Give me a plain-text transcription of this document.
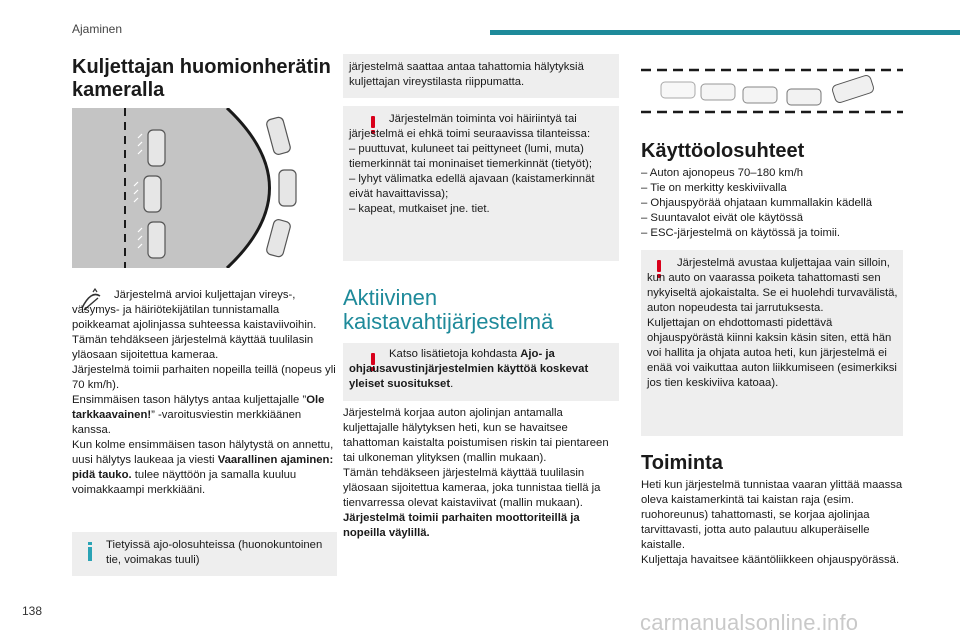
Ajaminen
Kuljettajan huomionherätin kameralla

Järjestelmä arvioi kuljettajan vireys-, väsymys- ja häiriötekijätilan tunnistamalla poikkeamat ajolinjassa suhteessa kaistaviivoihin.
Tämän tehdäkseen järjestelmä käyttää tuulilasin yläosaan sijoitettua kameraa.
Järjestelmä toimii parhaiten nopeilla teillä (nopeus yli 70 km/h).
Ensimmäisen tason hälytys antaa kuljettajalle ”Ole tarkkaavainen!” -varoitusviestin merkkiäänen kanssa.
Kun kolme ensimmäisen tason hälytystä on annettu, uusi hälytys laukeaa ja viesti Vaarallinen ajaminen: pidä tauko. tulee näyttöön ja samalla kuuluu voimakkaampi merkkiääni.

Tietyissä ajo-olosuhteissa (huonokuntoinen tie, voimakas tuuli)

järjestelmä saattaa antaa tahattomia hälytyksiä kuljettajan vireystilasta riippumatta.

Järjestelmän toiminta voi häiriintyä tai järjestelmä ei ehkä toimi seuraavissa tilanteissa:
– puuttuvat, kuluneet tai peittyneet (lumi, muta) tiemerkinnät tai moninaiset tiemerkinnät (tietyöt);
– lyhyt välimatka edellä ajavaan (kaistamerkinnät eivät havaittavissa);
– kapeat, mutkaiset jne. tiet.

Aktiivinen kaistavahtijärjestelmä

Katso lisätietoja kohdasta Ajo- ja ohjausavustinjärjestelmien käyttöä koskevat yleiset suositukset.

Järjestelmä korjaa auton ajolinjan antamalla kuljettajalle hälytyksen heti, kun se havaitsee tahattoman kaistalta poistumisen riskin tai pientareen tai ulkoneman ylityksen (mallin mukaan).
Tämän tehdäkseen järjestelmä käyttää tuulilasin yläosaan sijoitettua kameraa, joka tunnistaa tiellä ja tienvarressa olevat kaistaviivat (mallin mukaan).

Järjestelmä toimii parhaiten moottoriteillä ja nopeilla väylillä.

Käyttöolosuhteet

– Auton ajonopeus 70–180 km/h

– Tie on merkitty keskiviivalla

– Ohjauspyörää ohjataan kummallakin kädellä

– Suuntavalot eivät ole käytössä

– ESC-järjestelmä on käytössä ja toimii.

Järjestelmä avustaa kuljettajaa vain silloin, kun auto on vaarassa poiketa tahattomasti sen nykyiseltä ajokaistalta. Se ei huolehdi turvavälistä, auton nopeudesta tai jarrutuksesta.
Kuljettajan on ehdottomasti pidettävä ohjauspyörästä kiinni kaksin käsin siten, että hän voi hallita ja ohjata autoa heti, kun järjestelmä ei enää voi vaikuttaa auton liikkumiseen (esimerkiksi jos tien keskiviiva katoaa).

Toiminta

Heti kun järjestelmä tunnistaa vaaran ylittää maassa oleva kaistamerkintä tai kaistan raja (esim. ruohoreunus) tahattomasti, se korjaa ajolinjaa tarvittavasti, jotta auto palautuu alkuperäiselle kaistalle.
Kuljettaja havaitsee kääntöliikkeen ohjauspyörässä.

138	carmanualsonline.info
